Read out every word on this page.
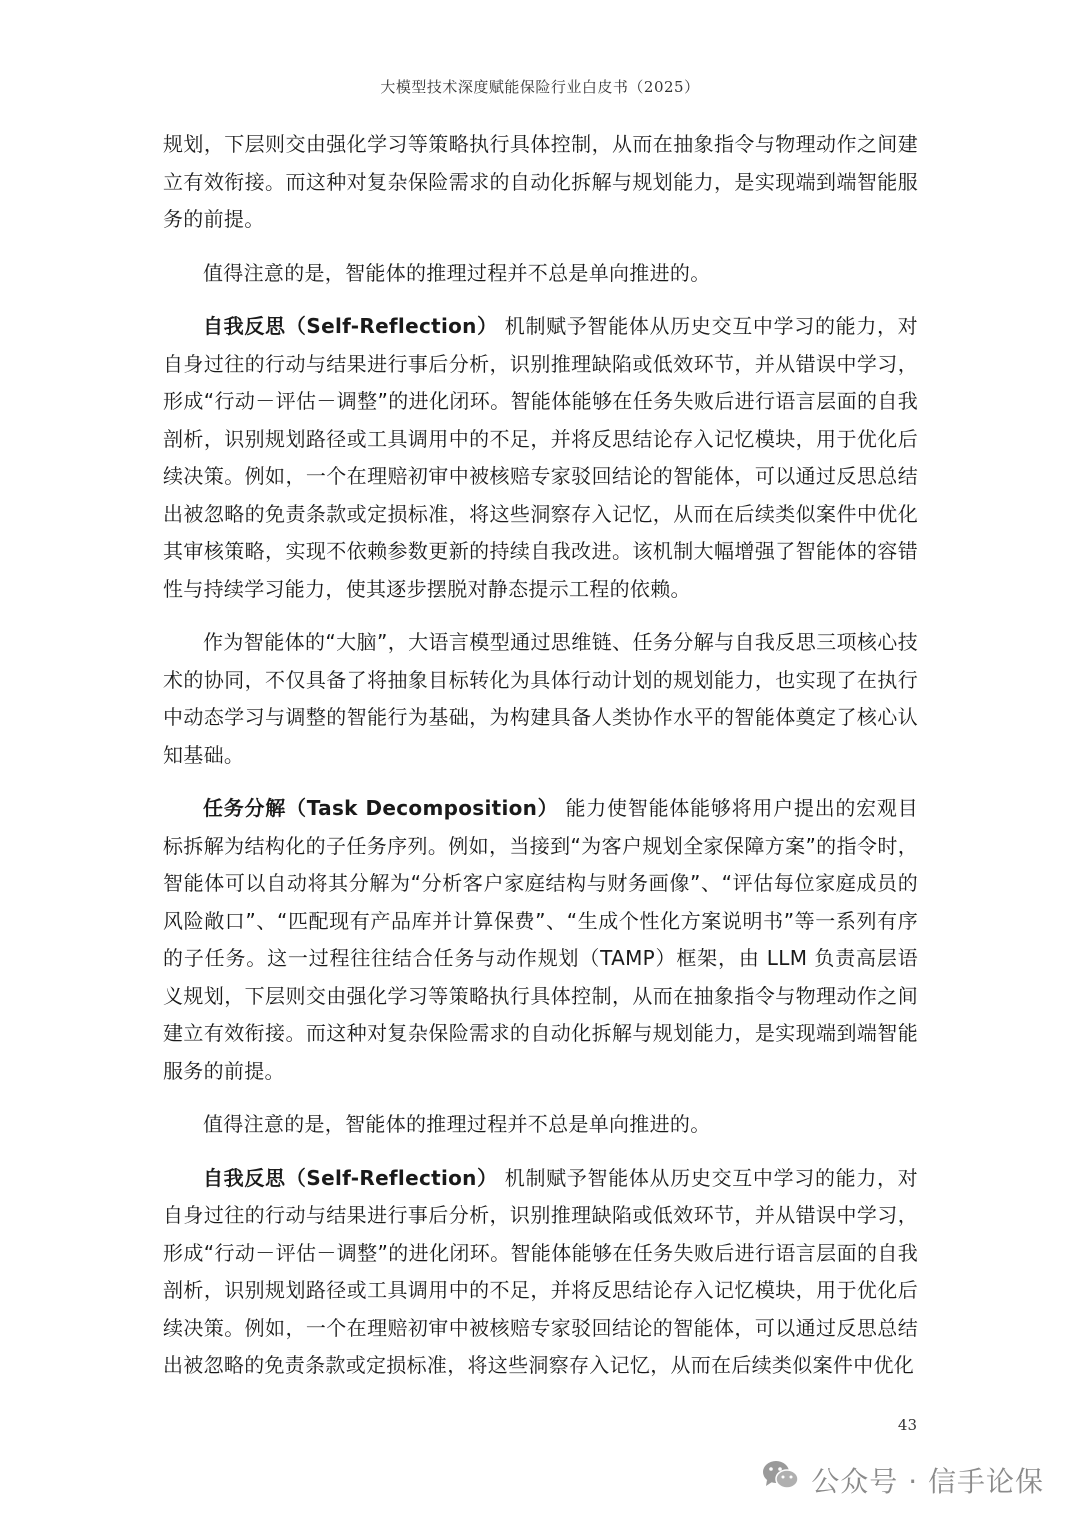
大模型技术深度赋能保险行业白皮书（2025）

规划，下层则交由强化学习等策略执行具体控制，从而在抽象指令与物理动作之间建立有效衔接。而这种对复杂保险需求的自动化拆解与规划能力，是实现端到端智能服务的前提。

值得注意的是，智能体的推理过程并不总是单向推进的。

自我反思（Self-Reflection） 机制赋予智能体从历史交互中学习的能力，对自身过往的行动与结果进行事后分析，识别推理缺陷或低效环节，并从错误中学习，形成“行动－评估－调整”的进化闭环。智能体能够在任务失败后进行语言层面的自我剖析，识别规划路径或工具调用中的不足，并将反思结论存入记忆模块，用于优化后续决策。例如，一个在理赔初审中被核赔专家驳回结论的智能体，可以通过反思总结出被忽略的免责条款或定损标准，将这些洞察存入记忆，从而在后续类似案件中优化其审核策略，实现不依赖参数更新的持续自我改进。该机制大幅增强了智能体的容错性与持续学习能力，使其逐步摆脱对静态提示工程的依赖。

作为智能体的“大脑”，大语言模型通过思维链、任务分解与自我反思三项核心技术的协同，不仅具备了将抽象目标转化为具体行动计划的规划能力，也实现了在执行中动态学习与调整的智能行为基础，为构建具备人类协作水平的智能体奠定了核心认知基础。

任务分解（Task Decomposition） 能力使智能体能够将用户提出的宏观目标拆解为结构化的子任务序列。例如，当接到“为客户规划全家保障方案”的指令时，智能体可以自动将其分解为“分析客户家庭结构与财务画像”、“评估每位家庭成员的风险敞口”、“匹配现有产品库并计算保费”、“生成个性化方案说明书”等一系列有序的子任务。这一过程往往结合任务与动作规划（TAMP）框架，由 LLM 负责高层语义规划，下层则交由强化学习等策略执行具体控制，从而在抽象指令与物理动作之间建立有效衔接。而这种对复杂保险需求的自动化拆解与规划能力，是实现端到端智能服务的前提。

值得注意的是，智能体的推理过程并不总是单向推进的。

自我反思（Self-Reflection） 机制赋予智能体从历史交互中学习的能力，对自身过往的行动与结果进行事后分析，识别推理缺陷或低效环节，并从错误中学习，形成“行动－评估－调整”的进化闭环。智能体能够在任务失败后进行语言层面的自我剖析，识别规划路径或工具调用中的不足，并将反思结论存入记忆模块，用于优化后续决策。例如，一个在理赔初审中被核赔专家驳回结论的智能体，可以通过反思总结出被忽略的免责条款或定损标准，将这些洞察存入记忆，从而在后续类似案件中优化

43
公众号 · 信手论保
